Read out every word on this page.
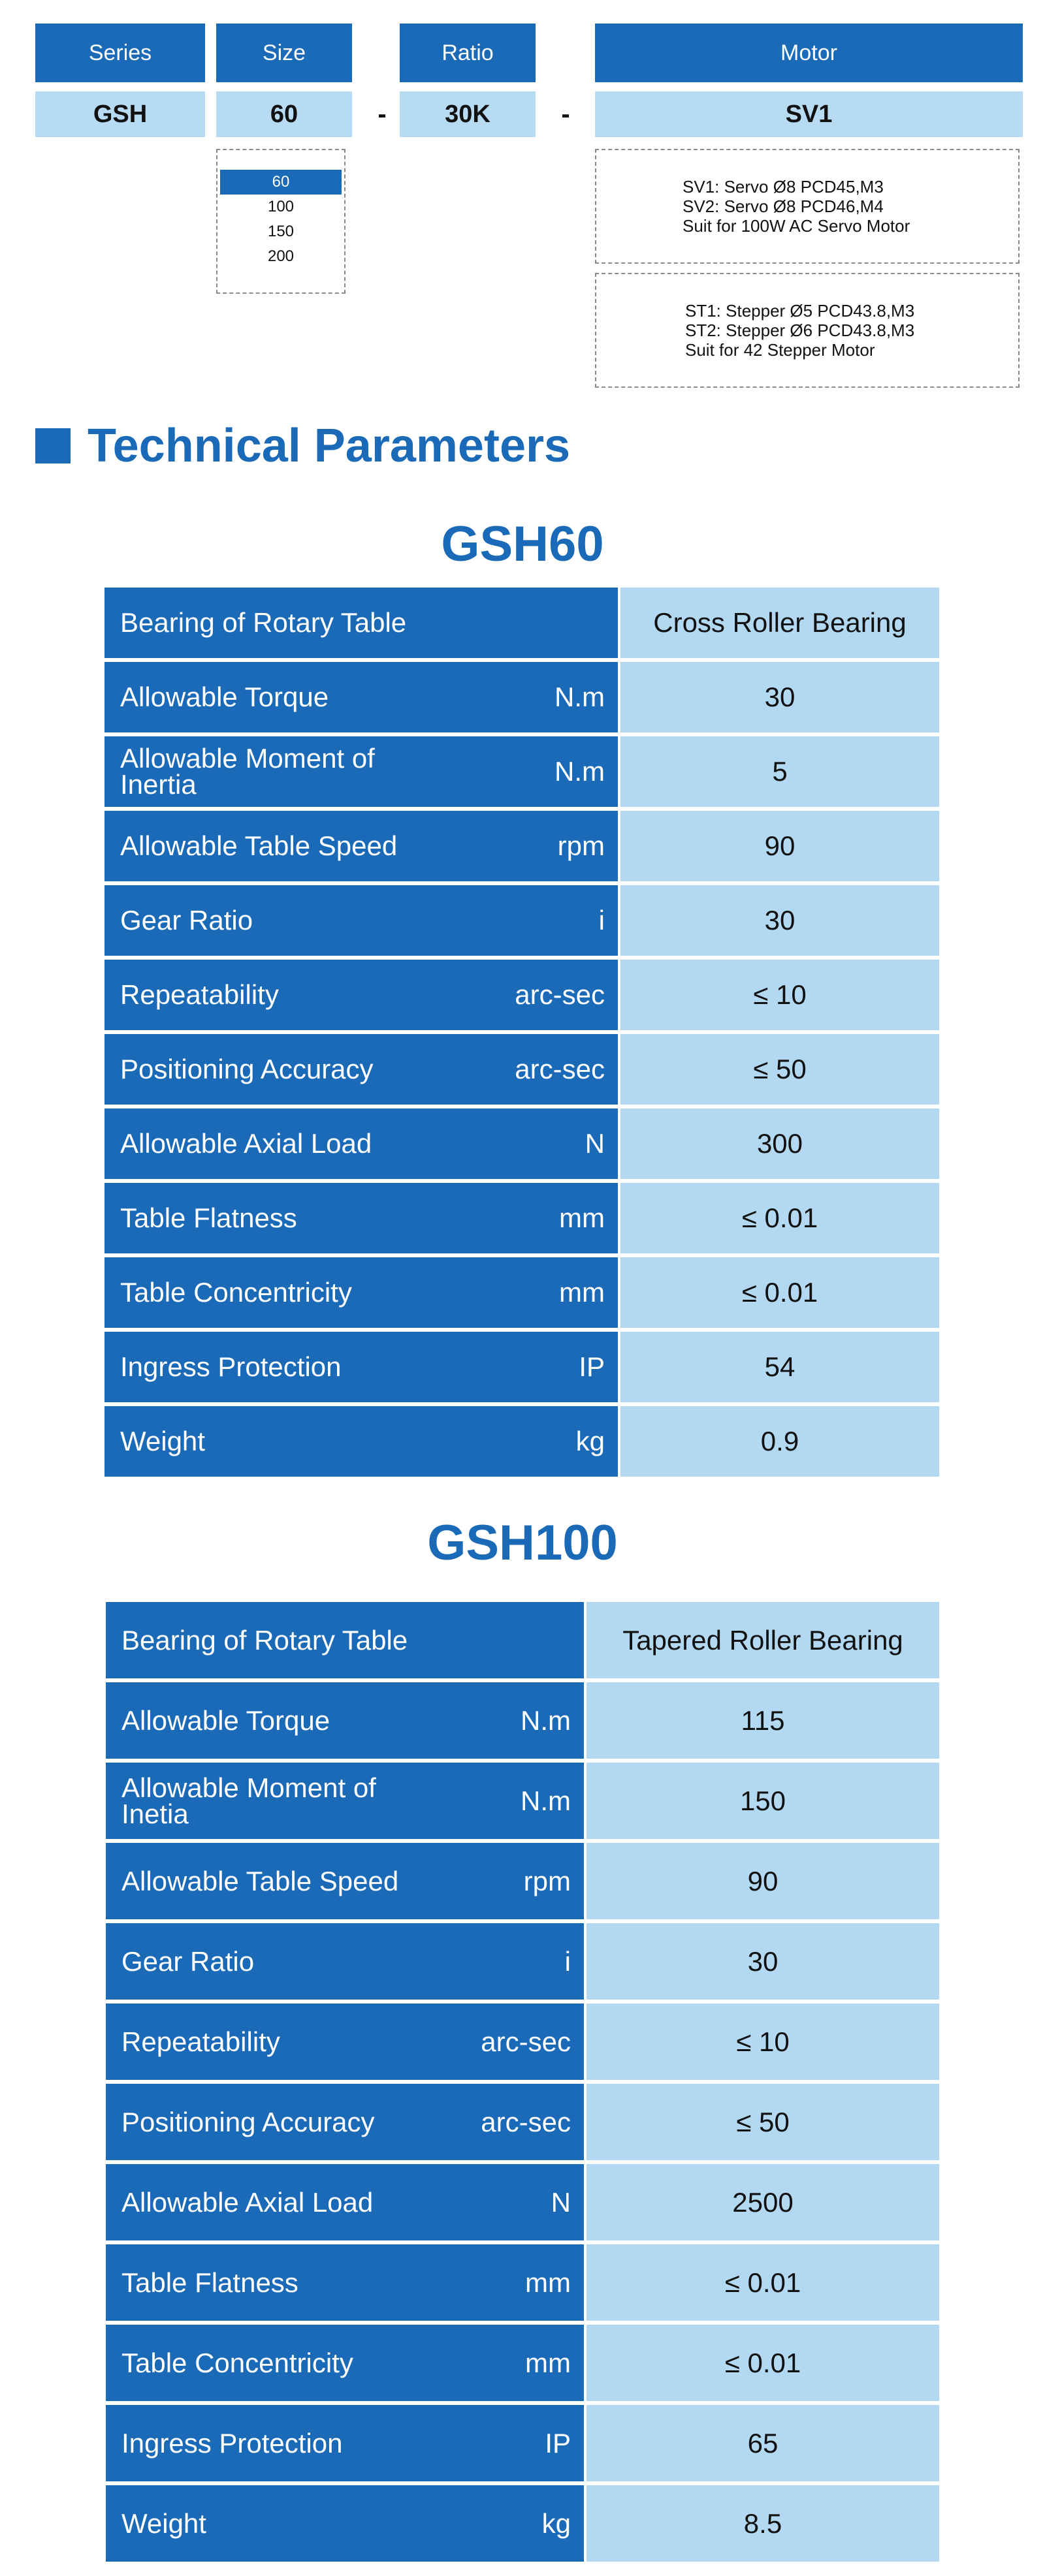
Series	Size	Ratio	Motor
GSH	60	-	30K	-	SV1
60
100
150
200
SV1: Servo Ø8 PCD45,M3
SV2: Servo Ø8 PCD46,M4
Suit for 100W AC Servo Motor
ST1: Stepper Ø5 PCD43.8,M3
ST2: Stepper Ø6 PCD43.8,M3
Suit for 42 Stepper Motor
Technical Parameters
GSH60
Bearing of Rotary Table	Cross Roller Bearing
Allowable Torque	N.m	30
Allowable Moment of Inertia	N.m	5
Allowable Table Speed	rpm	90
Gear Ratio	i	30
Repeatability	arc-sec	≤ 10
Positioning Accuracy	arc-sec	≤ 50
Allowable Axial Load	N	300
Table Flatness	mm	≤ 0.01
Table Concentricity	mm	≤ 0.01
Ingress Protection	IP	54
Weight	kg	0.9
GSH100
Bearing of Rotary Table	Tapered Roller Bearing
Allowable Torque	N.m	115
Allowable Moment of Inetia	N.m	150
Allowable Table Speed	rpm	90
Gear Ratio	i	30
Repeatability	arc-sec	≤ 10
Positioning Accuracy	arc-sec	≤ 50
Allowable Axial Load	N	2500
Table Flatness	mm	≤ 0.01
Table Concentricity	mm	≤ 0.01
Ingress Protection	IP	65
Weight	kg	8.5
